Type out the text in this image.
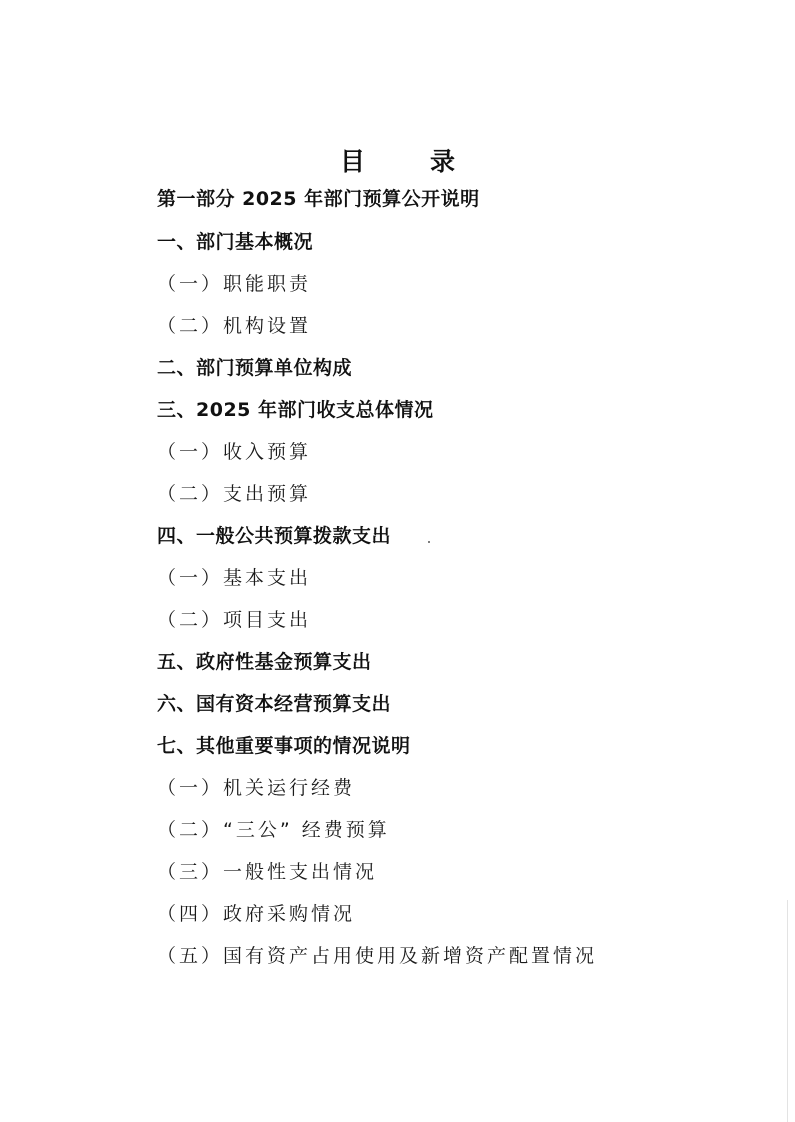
目　录
第一部分 2025 年部门预算公开说明
一、部门基本概况
（一）职能职责
（二）机构设置
二、部门预算单位构成
三、2025 年部门收支总体情况
（一）收入预算
（二）支出预算
四、一般公共预算拨款支出
（一）基本支出
（二）项目支出
五、政府性基金预算支出
六、国有资本经营预算支出
七、其他重要事项的情况说明
（一）机关运行经费
（二）“三公” 经费预算
（三）一般性支出情况
（四）政府采购情况
（五）国有资产占用使用及新增资产配置情况
